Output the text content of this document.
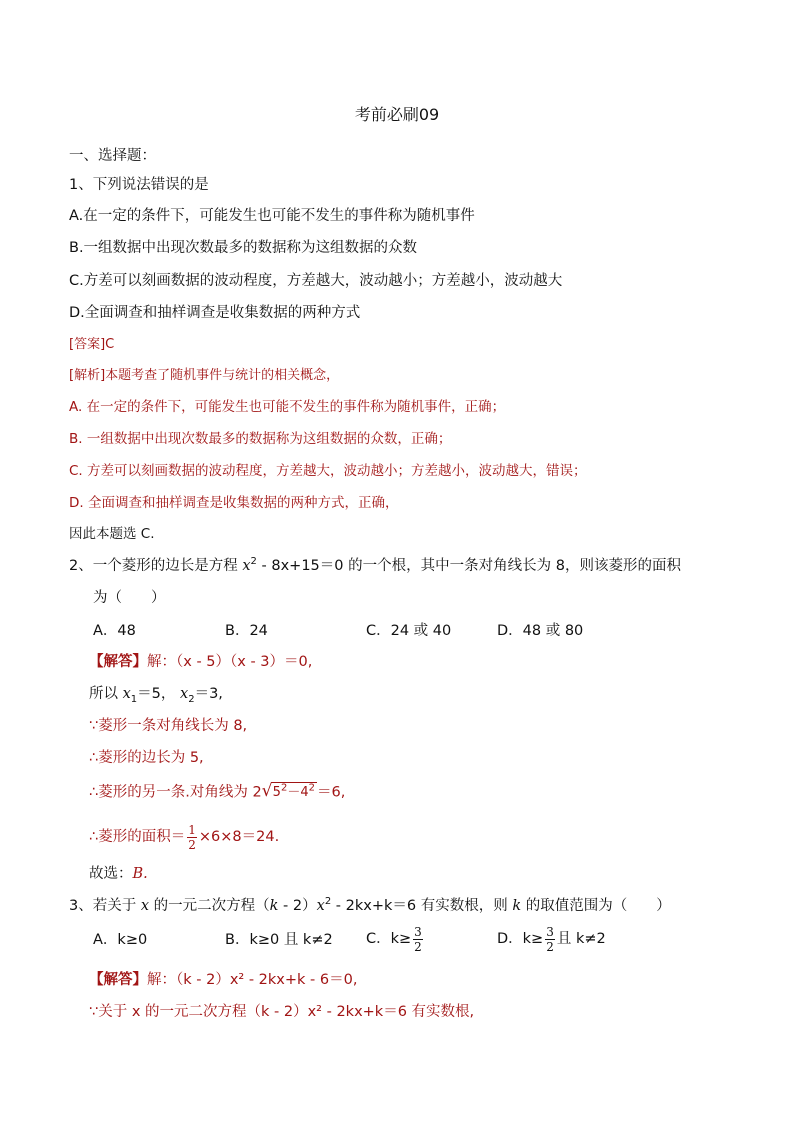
考前必刷09
一、选择题：
1、下列说法错误的是
A.在一定的条件下，可能发生也可能不发生的事件称为随机事件
B.一组数据中出现次数最多的数据称为这组数据的众数
C.方差可以刻画数据的波动程度，方差越大，波动越小；方差越小，波动越大
D.全面调查和抽样调查是收集数据的两种方式
[答案]C
[解析]本题考查了随机事件与统计的相关概念，
A. 在一定的条件下，可能发生也可能不发生的事件称为随机事件，正确；
B. 一组数据中出现次数最多的数据称为这组数据的众数，正确；
C. 方差可以刻画数据的波动程度，方差越大，波动越小；方差越小，波动越大，错误；
D. 全面调查和抽样调查是收集数据的两种方式，正确，
因此本题选 C.
2、一个菱形的边长是方程 $x^2 - 8x+15=0$ 的一个根，其中一条对角线长为 8，则该菱形的面积
为（　　）
A．48	B．24	C．24 或 40	D．48 或 80
【解答】解：（x - 5）（x - 3）＝0,
所以 $x_1=5$， $x_2=3$,
∵菱形一条对角线长为 8,
∴菱形的边长为 5,
∴菱形的另一条.对角线为 2 √ $5^2-4^2 =6$,
∴菱形的面积＝ $\frac{1}{2} \times 6\times 8=24$.
故选：B.
3、若关于 x 的一元二次方程$(k - 2)x^2 - 2kx+k=6$ 有实数根，则 k 的取值范围为（　　）
A．k≥0	B．k≥0 且 k≠2 C．$k\ge \frac{3}{2}$	D．$k\ge \frac{3}{2}$ 且 k≠2
【解答】解：（k - 2）x² - 2kx+k - 6＝0,
∵关于 x 的一元二次方程（k - 2）x² - 2kx+k＝6 有实数根,
